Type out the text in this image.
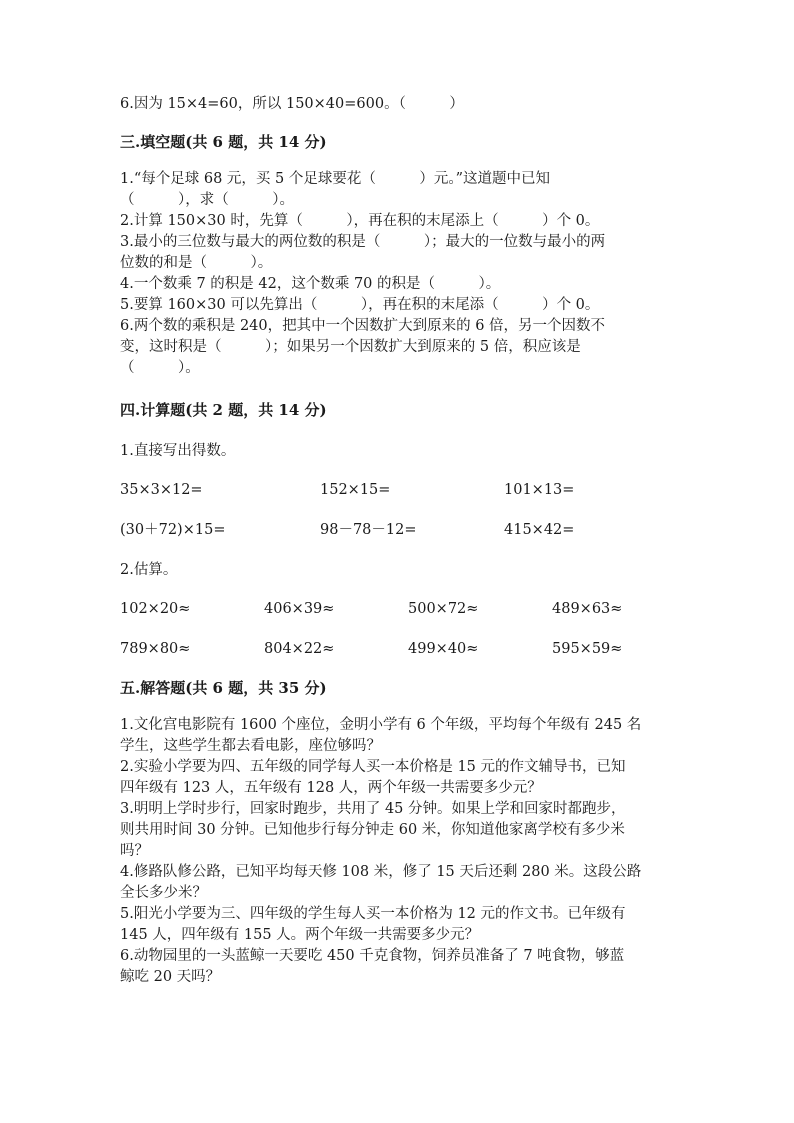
6.因为 15×4=60，所以 150×40=600。（　　　）
三.填空题(共 6 题，共 14 分)
1.“每个足球 68 元，买 5 个足球要花（　　　）元。”这道题中已知
（　　　），求（　　　）。
2.计算 150×30 时，先算（　　　），再在积的末尾添上（　　　）个 0。
3.最小的三位数与最大的两位数的积是（　　　）；最大的一位数与最小的两
位数的和是（　　　）。
4.一个数乘 7 的积是 42，这个数乘 70 的积是（　　　）。
5.要算 160×30 可以先算出（　　　），再在积的末尾添（　　　）个 0。
6.两个数的乘积是 240，把其中一个因数扩大到原来的 6 倍，另一个因数不
变，这时积是（　　　）；如果另一个因数扩大到原来的 5 倍，积应该是
（　　　）。
四.计算题(共 2 题，共 14 分)
1.直接写出得数。
35×3×12=	152×15=	101×13=
(30＋72)×15=	98－78－12=	415×42=
2.估算。
102×20≈	406×39≈	500×72≈	489×63≈
789×80≈	804×22≈	499×40≈	595×59≈
五.解答题(共 6 题，共 35 分)
1.文化宫电影院有 1600 个座位，金明小学有 6 个年级，平均每个年级有 245 名
学生，这些学生都去看电影，座位够吗？
2.实验小学要为四、五年级的同学每人买一本价格是 15 元的作文辅导书，已知
四年级有 123 人，五年级有 128 人，两个年级一共需要多少元？
3.明明上学时步行，回家时跑步，共用了 45 分钟。如果上学和回家时都跑步，
则共用时间 30 分钟。已知他步行每分钟走 60 米，你知道他家离学校有多少米
吗？
4.修路队修公路，已知平均每天修 108 米，修了 15 天后还剩 280 米。这段公路
全长多少米？
5.阳光小学要为三、四年级的学生每人买一本价格为 12 元的作文书。已年级有
145 人，四年级有 155 人。两个年级一共需要多少元？
6.动物园里的一头蓝鲸一天要吃 450 千克食物，饲养员准备了 7 吨食物，够蓝
鲸吃 20 天吗？
